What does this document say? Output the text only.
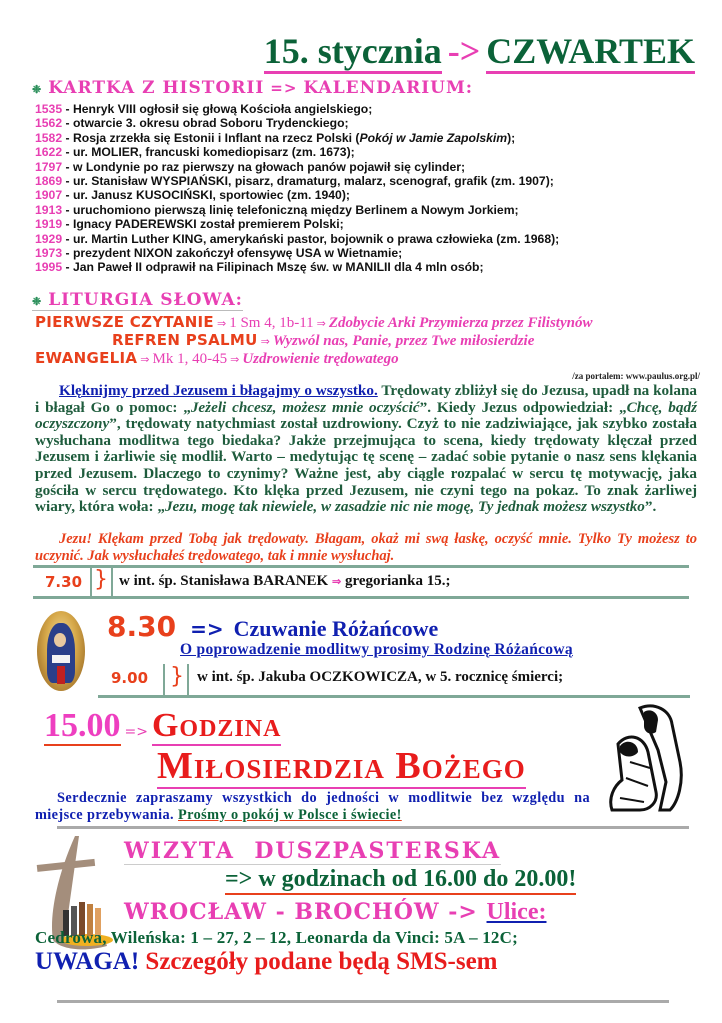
15. stycznia -> CZWARTEK
❉ KARTKA Z HISTORII => KALENDARIUM:
1535 - Henryk VIII ogłosił się głową Kościoła angielskiego;
1562 - otwarcie 3. okresu obrad Soboru Trydenckiego;
1582 - Rosja zrzekła się Estonii i Inflant na rzecz Polski (Pokój w Jamie Zapolskim);
1622 - ur. MOLIER, francuski komediopisarz (zm. 1673);
1797 - w Londynie po raz pierwszy na głowach panów pojawił się cylinder;
1869 - ur. Stanisław WYSPIAŃSKI, pisarz, dramaturg, malarz, scenograf, grafik (zm. 1907);
1907 - ur. Janusz KUSOCIŃSKI, sportowiec (zm. 1940);
1913 - uruchomiono pierwszą linię telefoniczną między Berlinem a Nowym Jorkiem;
1919 - Ignacy PADEREWSKI został premierem Polski;
1929 - ur. Martin Luther KING, amerykański pastor, bojownik o prawa człowieka (zm. 1968);
1973 - prezydent NIXON zakończył ofensywę USA w Wietnamie;
1995 - Jan Paweł II odprawił na Filipinach Mszę św. w MANILII dla 4 mln osób;
❉ LITURGIA SŁOWA:
PIERWSZE CZYTANIE ⇒ 1 Sm 4, 1b-11 ⇒ Zdobycie Arki Przymierza przez Filistynów
REFREN PSALMU ⇒ Wyzwól nas, Panie, przez Twe miłosierdzie
EWANGELIA ⇒ Mk 1, 40-45 ⇒ Uzdrowienie trędowatego
/za portalem: www.paulus.org.pl/
Klęknijmy przed Jezusem i błagajmy o wszystko. Trędowaty zbliżył się do Jezusa, upadł na kolana i błagał Go o pomoc: „Jeżeli chcesz, możesz mnie oczyścić”. Kiedy Jezus odpowiedział: „Chcę, bądź oczyszczony”, trędowaty natychmiast został uzdrowiony. Czyż to nie zadziwiające, jak szybko została wysłuchana modlitwa tego biedaka? Jakże przejmująca to scena, kiedy trędowaty klęczał przed Jezusem i żarliwie się modlił. Warto – medytując tę scenę – zadać sobie pytanie o nasz sens klękania przed Jezusem. Dlaczego to czynimy? Ważne jest, aby ciągle rozpalać w sercu tę motywację, jaka gościła w sercu trędowatego. Kto klęka przed Jezusem, nie czyni tego na pokaz. To znak żarliwej wiary, która woła: „Jezu, mogę tak niewiele, w zasadzie nic nie mogę, Ty jednak możesz wszystko”.
Jezu! Klękam przed Tobą jak trędowaty. Błagam, okaż mi swą łaskę, oczyść mnie. Tylko Ty możesz to uczynić. Jak wysłuchałeś trędowatego, tak i mnie wysłuchaj.
7.30 } w int. śp. Stanisława BARANEK ⇒ gregorianka 15.;
8.30 => Czuwanie Różańcowe
O poprowadzenie modlitwy prosimy Rodzinę Różańcową
9.00 } w int. śp. Jakuba OCZKOWICZA, w 5. rocznicę śmierci;
15.00 => Godzina
Miłosierdzia Bożego
Serdecznie zapraszamy wszystkich do jedności w modlitwie bez względu na miejsce przebywania. Prośmy o pokój w Polsce i świecie!
WIZYTA  DUSZPASTERSKA
=> w godzinach od 16.00 do 20.00!
WROCŁAW - BROCHÓW -> Ulice:
Cedrowa, Wileńska: 1 – 27, 2 – 12, Leonarda da Vinci: 5A – 12C;
UWAGA! Szczegóły podane będą SMS-sem
